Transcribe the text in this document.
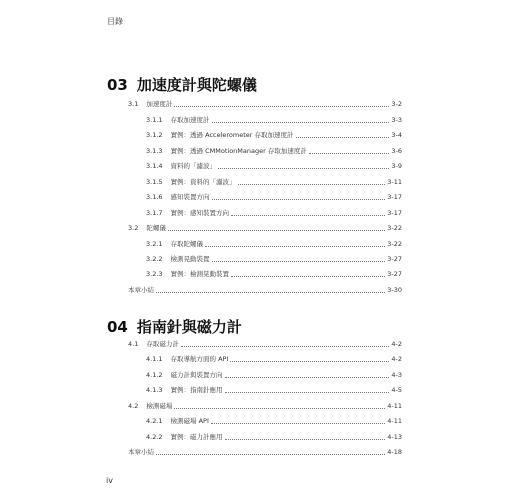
目錄
03 加速度計與陀螺儀
3.1 加速度計	3-2
3.1.1 存取加速度計	3-3
3.1.2 實例：透過 Accelerometer 存取加速度計	3-4
3.1.3 實例：透過 CMMotionManager 存取加速度計	3-6
3.1.4 資料的「濾波」	3-9
3.1.5 實例：資料的「濾波」	3-11
3.1.6 感知裝置方向	3-17
3.1.7 實例：感知裝置方向	3-17
3.2 陀螺儀	3-22
3.2.1 存取陀螺儀	3-22
3.2.2 檢測晃動裝置	3-27
3.2.3 實例：檢測晃動裝置	3-27
本章小結	3-30
04 指南針與磁力計
4.1 存取磁力計	4-2
4.1.1 存取導航方面的 API	4-2
4.1.2 磁力計與裝置方向	4-3
4.1.3 實例：指南針應用	4-5
4.2 檢測磁場	4-11
4.2.1 檢測磁場 API	4-11
4.2.2 實例：磁力計應用	4-13
本章小結	4-18
iv
